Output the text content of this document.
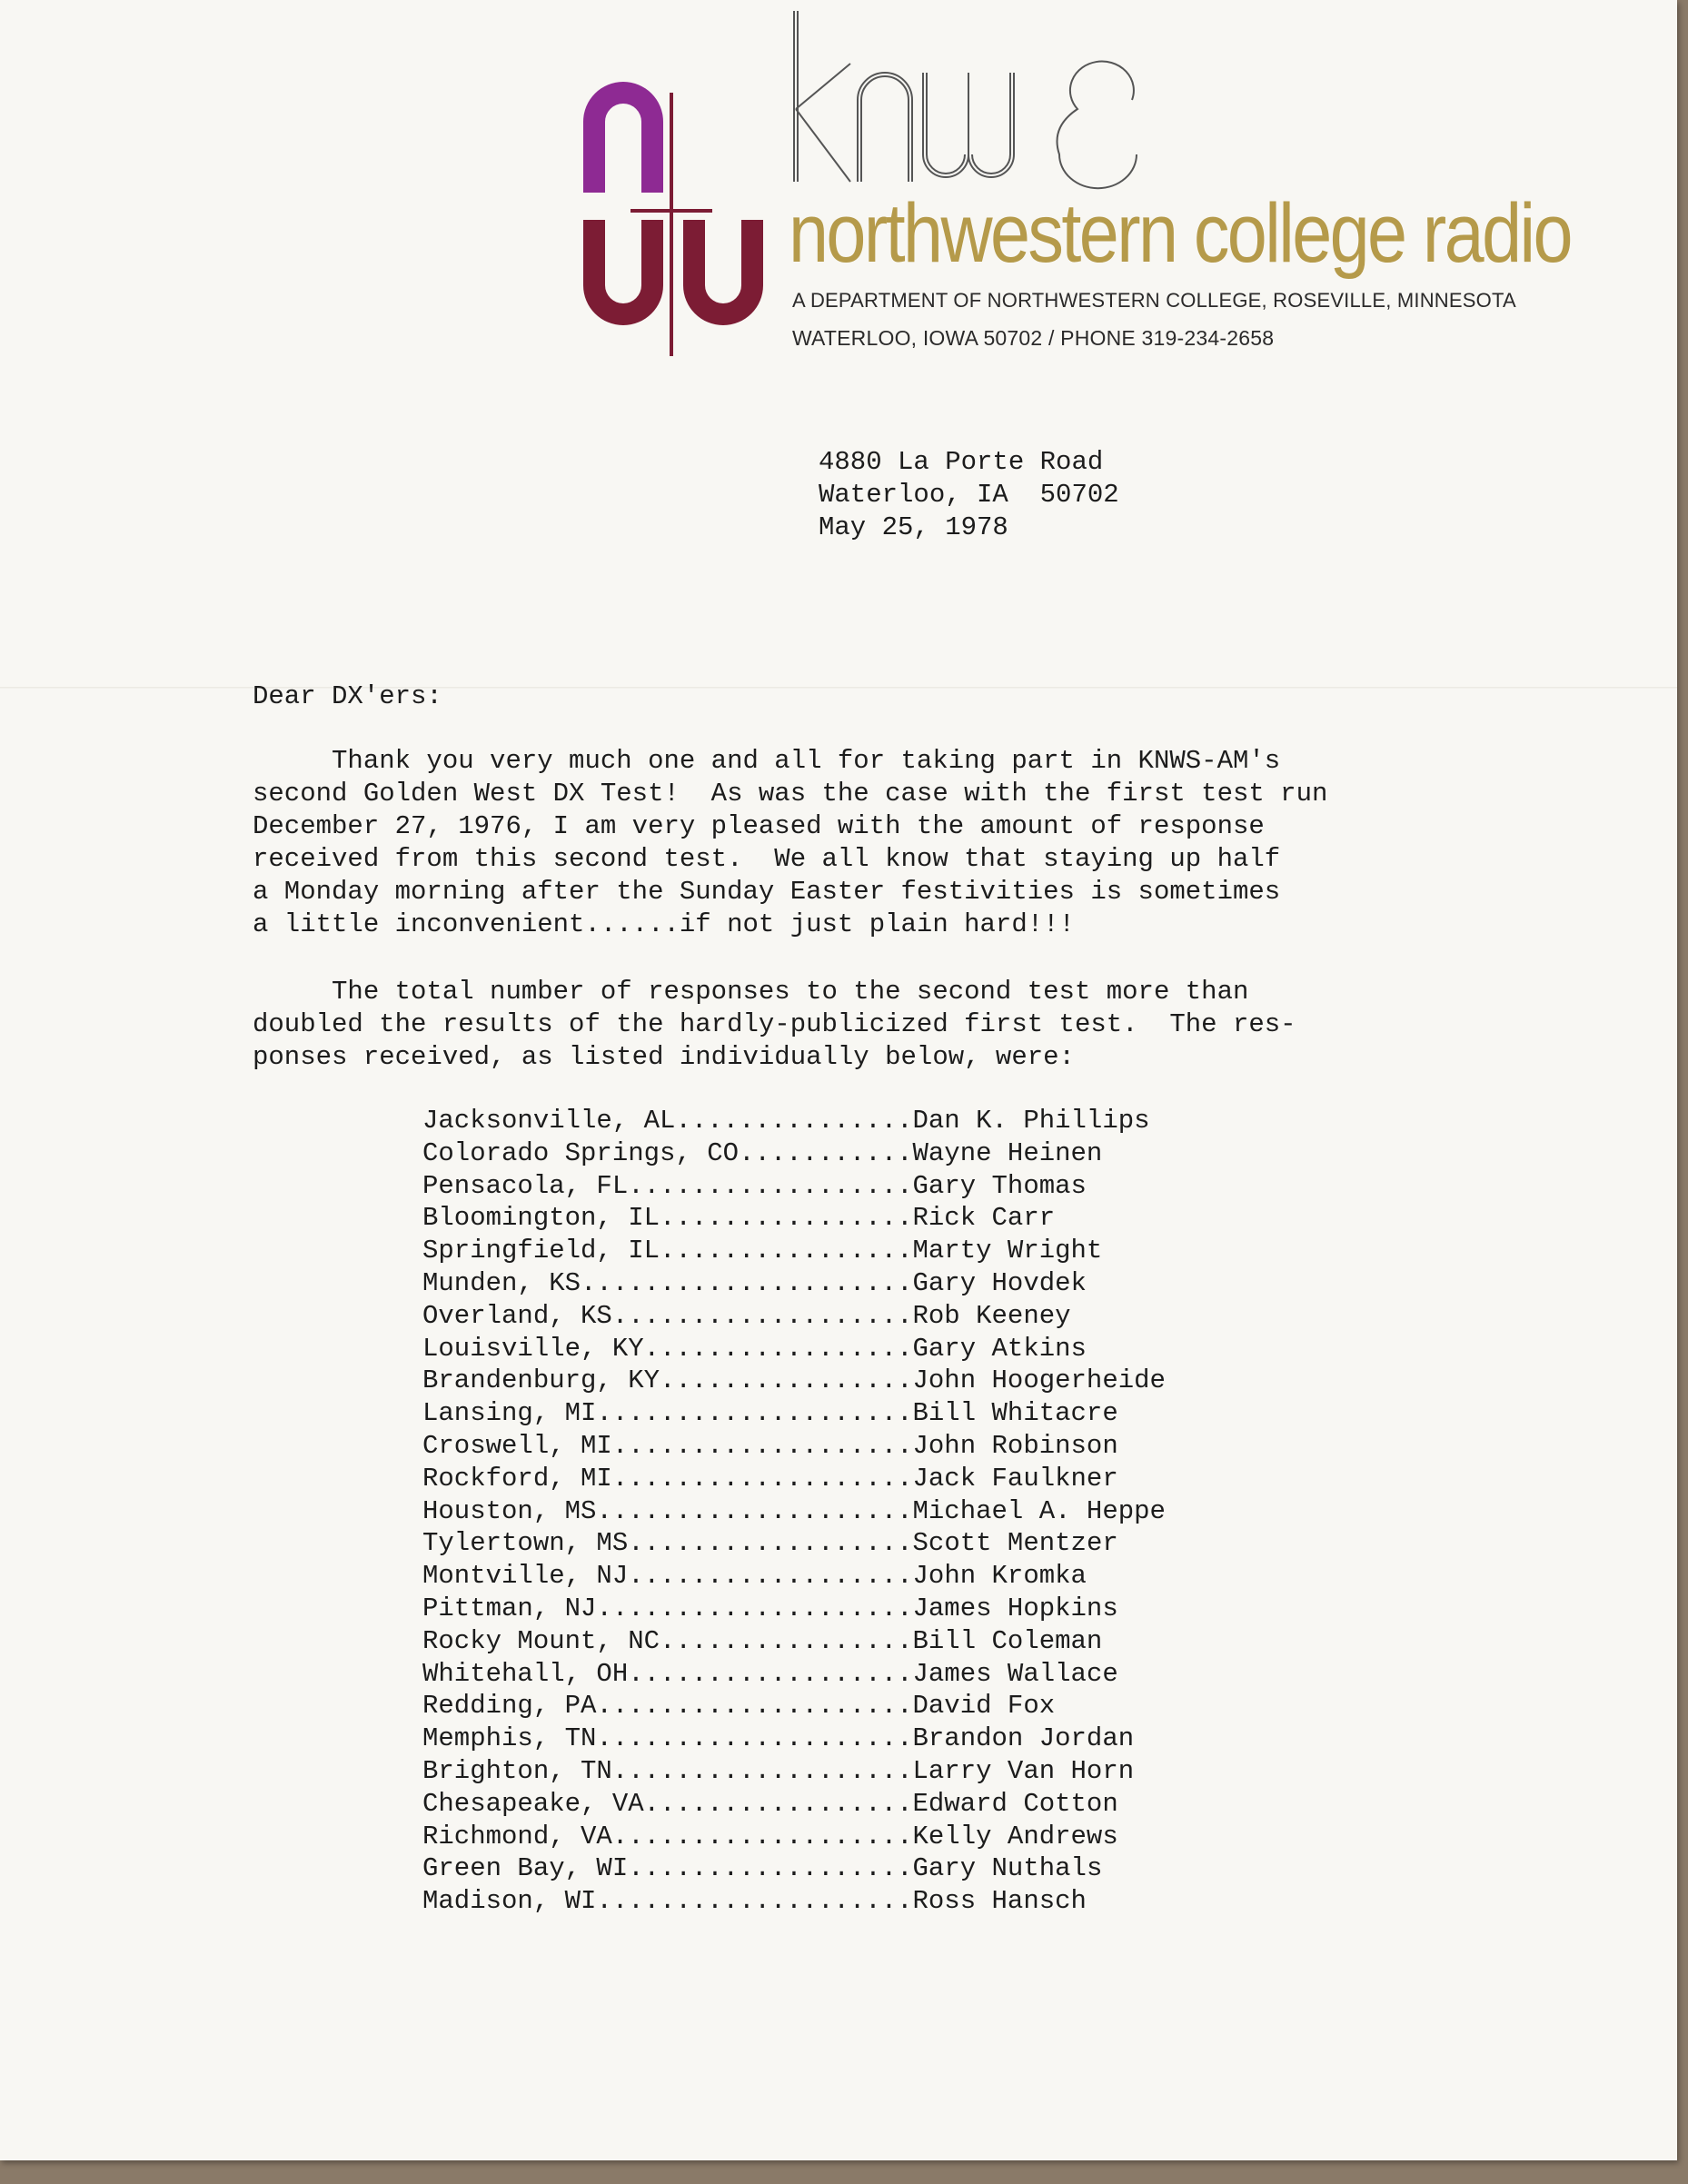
northwestern college radio
A DEPARTMENT OF NORTHWESTERN COLLEGE, ROSEVILLE, MINNESOTA
WATERLOO, IOWA 50702 / PHONE 319-234-2658
4880 La Porte Road
Waterloo, IA  50702
May 25, 1978
Dear DX'ers:
Thank you very much one and all for taking part in KNWS-AM's
second Golden West DX Test!  As was the case with the first test run
December 27, 1976, I am very pleased with the amount of response
received from this second test.  We all know that staying up half
a Monday morning after the Sunday Easter festivities is sometimes
a little inconvenient......if not just plain hard!!!
The total number of responses to the second test more than
doubled the results of the hardly-publicized first test.  The res-
ponses received, as listed individually below, were:
Jacksonville, AL...............Dan K. Phillips
Colorado Springs, CO...........Wayne Heinen
Pensacola, FL..................Gary Thomas
Bloomington, IL................Rick Carr
Springfield, IL................Marty Wright
Munden, KS.....................Gary Hovdek
Overland, KS...................Rob Keeney
Louisville, KY.................Gary Atkins
Brandenburg, KY................John Hoogerheide
Lansing, MI....................Bill Whitacre
Croswell, MI...................John Robinson
Rockford, MI...................Jack Faulkner
Houston, MS....................Michael A. Heppe
Tylertown, MS..................Scott Mentzer
Montville, NJ..................John Kromka
Pittman, NJ....................James Hopkins
Rocky Mount, NC................Bill Coleman
Whitehall, OH..................James Wallace
Redding, PA....................David Fox
Memphis, TN....................Brandon Jordan
Brighton, TN...................Larry Van Horn
Chesapeake, VA.................Edward Cotton
Richmond, VA...................Kelly Andrews
Green Bay, WI..................Gary Nuthals
Madison, WI....................Ross Hansch
